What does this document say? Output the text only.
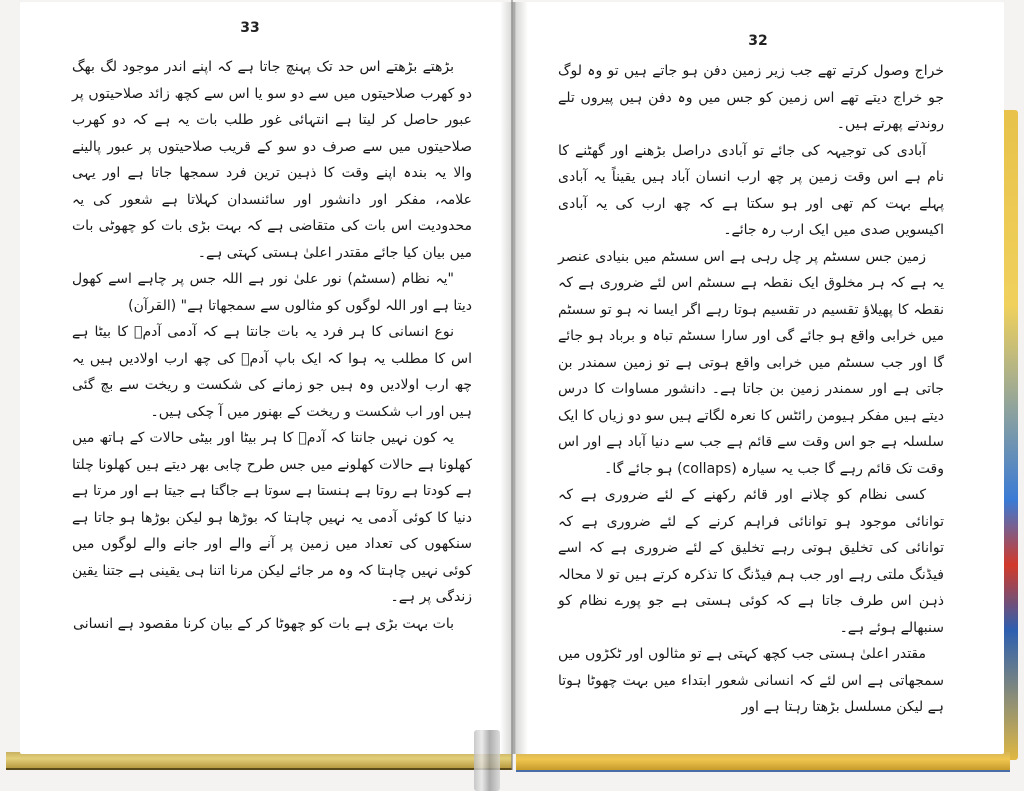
33

بڑھتے بڑھتے اس حد تک پہنچ جاتا ہے کہ اپنے اندر موجود لگ بھگ دو کھرب صلاحیتوں میں سے دو سو یا اس سے کچھ زائد صلاحیتوں پر عبور حاصل کر لیتا ہے انتہائی غور طلب بات یہ ہے کہ دو کھرب صلاحیتوں میں سے صرف دو سو کے قریب صلاحیتوں پر عبور پالینے والا یہ بندہ اپنے وقت کا ذہین ترین فرد سمجھا جاتا ہے اور یہی علامہ، مفکر اور دانشور اور سائنسدان کہلاتا ہے شعور کی یہ محدودیت اس بات کی متقاضی ہے کہ بہت بڑی بات کو چھوٹی بات میں بیان کیا جائے مقتدر اعلیٰ ہستی کہتی ہے۔

"یہ نظام (سسٹم) نور علیٰ نور ہے اللہ جس پر چاہے اسے کھول دیتا ہے اور اللہ لوگوں کو مثالوں سے سمجھاتا ہے" (القرآن)

نوع انسانی کا ہر فرد یہ بات جانتا ہے کہ آدمی آدمؑ کا بیٹا ہے اس کا مطلب یہ ہوا کہ ایک باپ آدمؑ کی چھ ارب اولادیں ہیں یہ چھ ارب اولادیں وہ ہیں جو زمانے کی شکست و ریخت سے بچ گئی ہیں اور اب شکست و ریخت کے بھنور میں آ چکی ہیں۔

یہ کون نہیں جانتا کہ آدمؑ کا ہر بیٹا اور بیٹی حالات کے ہاتھ میں کھلونا ہے حالات کھلونے میں جس طرح چابی بھر دیتے ہیں کھلونا چلتا ہے کودتا ہے روتا ہے ہنستا ہے سوتا ہے جاگتا ہے جیتا ہے اور مرتا ہے دنیا کا کوئی آدمی یہ نہیں چاہتا کہ بوڑھا ہو لیکن بوڑھا ہو جاتا ہے سنکھوں کی تعداد میں زمین پر آنے والے اور جانے والے لوگوں میں کوئی نہیں چاہتا کہ وہ مر جائے لیکن مرنا اتنا ہی یقینی ہے جتنا یقین زندگی پر ہے۔

بات بہت بڑی ہے بات کو چھوٹا کر کے بیان کرنا مقصود ہے انسانی

32

خراج وصول کرتے تھے جب زیر زمین دفن ہو جاتے ہیں تو وہ لوگ جو خراج دیتے تھے اس زمین کو جس میں وہ دفن ہیں پیروں تلے روندتے پھرتے ہیں۔

آبادی کی توجیہہ کی جائے تو آبادی دراصل بڑھنے اور گھٹنے کا نام ہے اس وقت زمین پر چھ ارب انسان آباد ہیں یقیناً یہ آبادی پہلے بہت کم تھی اور ہو سکتا ہے کہ چھ ارب کی یہ آبادی اکیسویں صدی میں ایک ارب رہ جائے۔

زمین جس سسٹم پر چل رہی ہے اس سسٹم میں بنیادی عنصر یہ ہے کہ ہر مخلوق ایک نقطہ ہے سسٹم اس لئے ضروری ہے کہ نقطہ کا پھیلاؤ تقسیم در تقسیم ہوتا رہے اگر ایسا نہ ہو تو سسٹم میں خرابی واقع ہو جائے گی اور سارا سسٹم تباہ و برباد ہو جائے گا اور جب سسٹم میں خرابی واقع ہوتی ہے تو زمین سمندر بن جاتی ہے اور سمندر زمین بن جاتا ہے۔ دانشور مساوات کا درس دیتے ہیں مفکر ہیومن رائٹس کا نعرہ لگاتے ہیں سو دو زیاں کا ایک سلسلہ ہے جو اس وقت سے قائم ہے جب سے دنیا آباد ہے اور اس وقت تک قائم رہے گا جب یہ سیارہ (collaps) ہو جائے گا۔

کسی نظام کو چلانے اور قائم رکھنے کے لئے ضروری ہے کہ توانائی موجود ہو توانائی فراہم کرنے کے لئے ضروری ہے کہ توانائی کی تخلیق ہوتی رہے تخلیق کے لئے ضروری ہے کہ اسے فیڈنگ ملتی رہے اور جب ہم فیڈنگ کا تذکرہ کرتے ہیں تو لا محالہ ذہن اس طرف جاتا ہے کہ کوئی ہستی ہے جو پورے نظام کو سنبھالے ہوئے ہے۔

مقتدر اعلیٰ ہستی جب کچھ کہتی ہے تو مثالوں اور ٹکڑوں میں سمجھاتی ہے اس لئے کہ انسانی شعور ابتداء میں بہت چھوٹا ہوتا ہے لیکن مسلسل بڑھتا رہتا ہے اور
